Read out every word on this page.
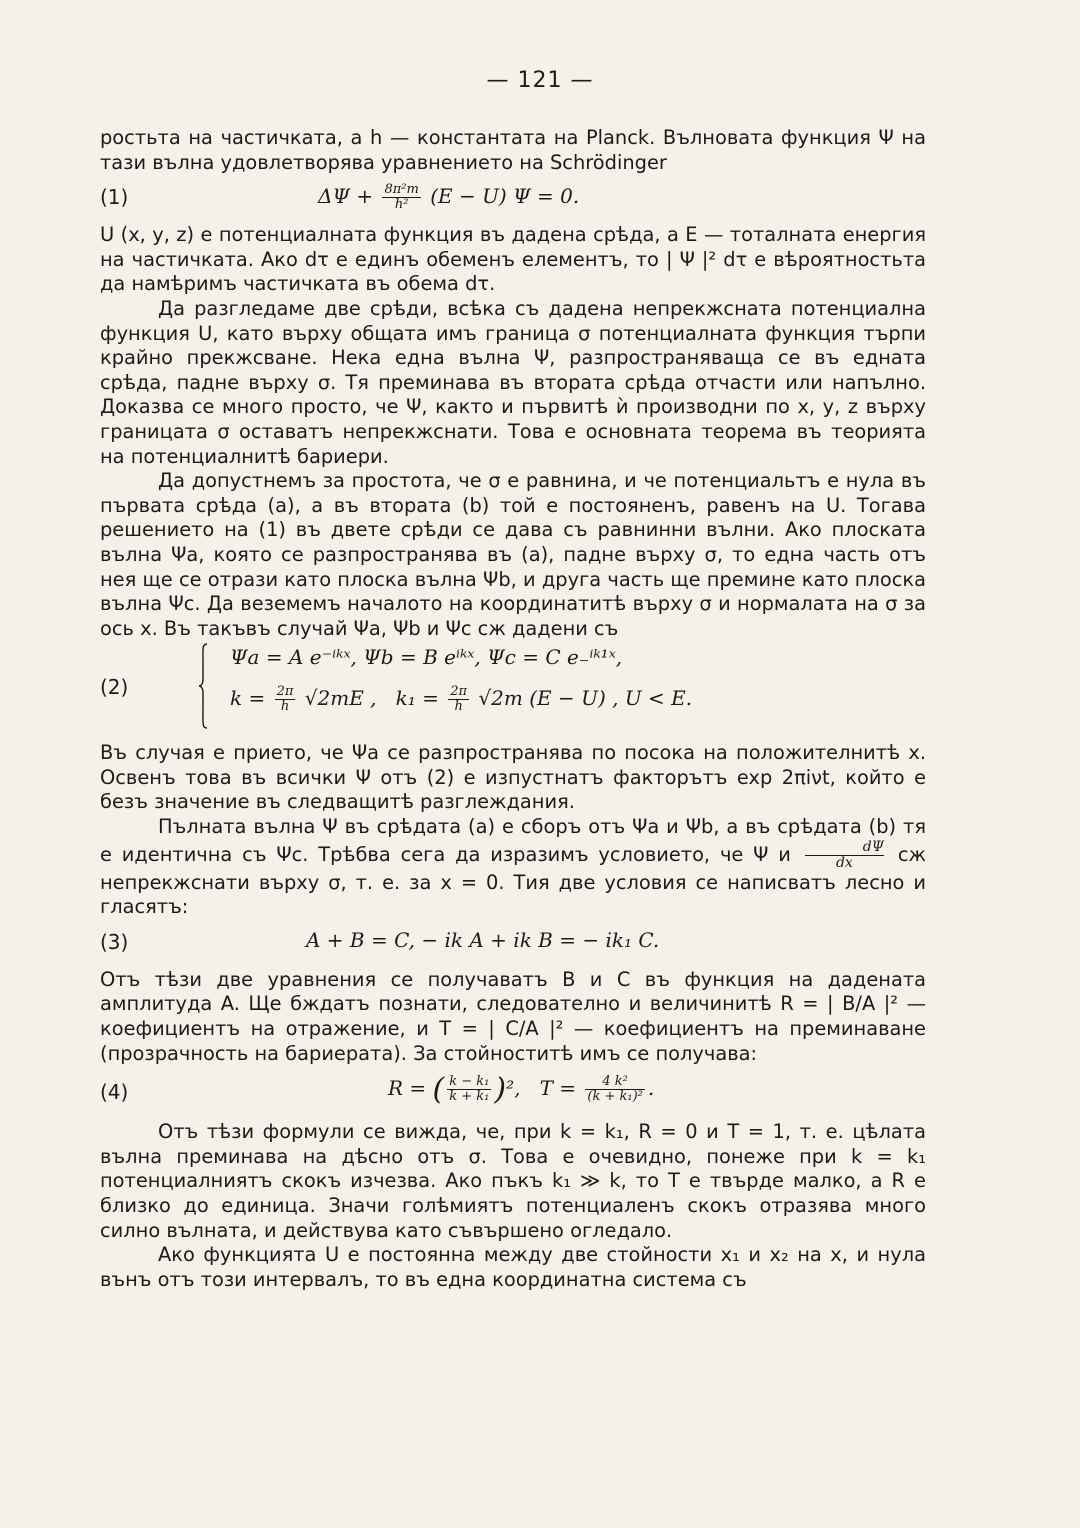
— 121 —

ростьта на частичката, а h — константата на Planck. Вълновата функция Ψ на тази вълна удовлетворява уравнението на Schrödinger

(1)	$\Delta\Psi + \frac{\text{8π²m}}{\text{h²}} (E - U) \Psi = 0$.

U (x, y, z) е потенциалната функция въ дадена срѣда, а E — тоталната енергия на частичката. Ако dτ е единъ обеменъ елементъ, то | Ψ |² dτ е вѣроятностьта да намѣримъ частичката въ обема dτ.

Да разгледаме две срѣди, всѣка съ дадена непрекжсната потенциална функция U, като върху общата имъ граница σ потенциалната функция търпи крайно прекжсване. Нека една вълна Ψ, разпространяваща се въ едната срѣда, падне върху σ. Тя преминава въ втората срѣда отчасти или напълно. Доказва се много просто, че Ψ, както и първитѣ ѝ производни по x, y, z върху границата σ оставатъ непрекжснати. Това е основната теорема въ теорията на потенциалнитѣ бариери.

Да допустнемъ за простота, че σ е равнина, и че потенциальтъ е нула въ първата срѣда (a), а въ втората (b) той е постояненъ, равенъ на U. Тогава решението на (1) въ двете срѣди се дава съ равнинни вълни. Ако плоската вълна Ψa, която се разпространява въ (a), падне върху σ, то една часть отъ нея ще се отрази като плоска вълна Ψb, и друга часть ще премине като плоска вълна Ψc. Да веземемъ началото на координатитѣ върху σ и нормалата на σ за ось x. Въ такъвъ случай Ψa, Ψb и Ψc сж дадени съ

(2)
Ψa = A e⁻ⁱᵏˣ, Ψb = B eⁱᵏˣ, Ψc = C e₋ⁱᵏ¹ˣ,
$k = \frac{2\pi}{h} √2mE$ , $k_1 = \frac{2\pi}{h} √2m$ (E − U) , U < E.

Въ случая е прието, че Ψa се разпространява по посока на положителнитѣ x. Освенъ това въ всички Ψ отъ (2) е изпустнатъ факторътъ exp 2πiνt, който е безъ значение въ следващитѣ разглеждания.

Пълната вълна Ψ въ срѣдата (a) е сборъ отъ Ψa и Ψb, а въ срѣдата (b) тя е идентична съ Ψc. Трѣбва сега да изразимъ условието, че Ψ и $\frac{d\Psi}{dx}$ сж непрекжснати върху σ, т. е. за x = 0. Тия две условия се написватъ лесно и гласятъ:

(3)	A + B = C, − ik A + ik B = − ik₁ C.

Отъ тѣзи две уравнения се получаватъ B и C въ функция на дадената амплитуда A. Щe бждатъ познати, следователно и величинитѣ R = | B/A |² — коефициентъ на отражение, и T = | C/A |² — коефициентъ на преминаване (прозрачность на бариерата). За стойноститѣ имъ се получава:

(4)	R = ( $\frac{\text{k − k₁}}{\text{k + k₁}} )^2$, $T = \frac{\text{4 k²}}{\text{(k + k₁)²}}$ .

Отъ тѣзи формули се вижда, че, при k = k₁, R = 0 и T = 1, т. е. цѣлата вълна преминава на дѣсно отъ σ. Това е очевидно, понеже при k = k₁ потенциалниятъ скокъ изчезва. Ако пъкъ k₁ ≫ k, то T е твърде малко, а R е близко до единица. Значи голѣмиятъ потенциаленъ скокъ отразява много силно вълната, и действува като съвършено огледало.

Ако функцията U е постоянна между две стойности x₁ и x₂ на x, и нула вънъ отъ този интервалъ, то въ една координатна система съ
